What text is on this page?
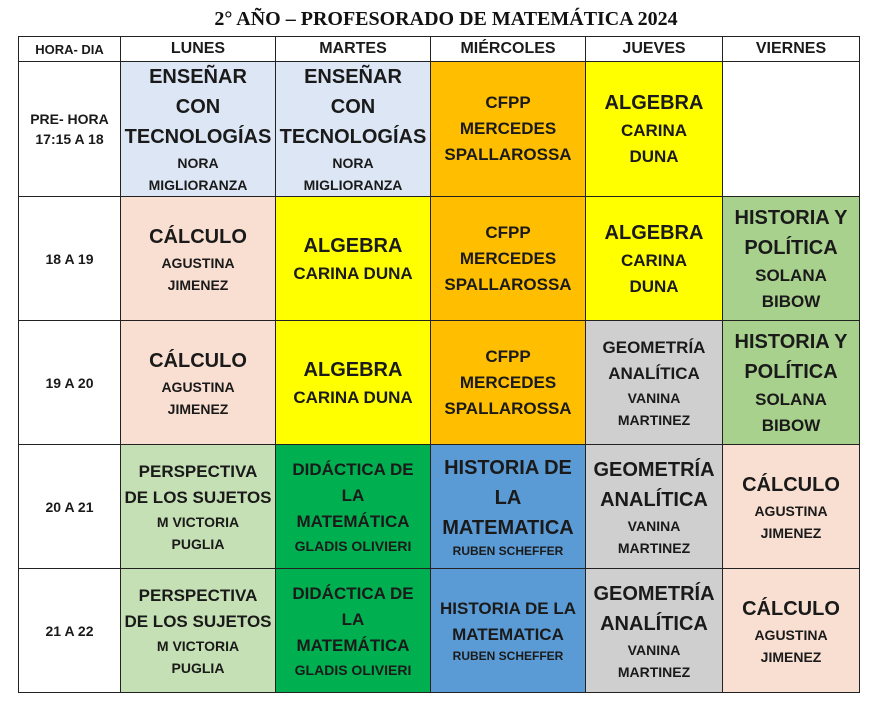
2° AÑO – PROFESORADO DE MATEMÁTICA 2024
HORA- DIA	LUNES	MARTES	MIÉRCOLES	JUEVES	VIERNES

PRE- HORA
17:15 A 18	ENSEÑAR
CON
TECNOLOGÍAS
NORA
MIGLIORANZA	ENSEÑAR
CON
TECNOLOGÍAS
NORA
MIGLIORANZA	CFPP
MERCEDES
SPALLAROSSA	ALGEBRA
CARINA
DUNA	

18 A 19	CÁLCULO
AGUSTINA
JIMENEZ	ALGEBRA
CARINA DUNA	CFPP
MERCEDES
SPALLAROSSA	ALGEBRA
CARINA
DUNA	HISTORIA Y
POLÍTICA
SOLANA
BIBOW

19 A 20	CÁLCULO
AGUSTINA
JIMENEZ	ALGEBRA
CARINA DUNA	CFPP
MERCEDES
SPALLAROSSA	GEOMETRÍA
ANALÍTICA
VANINA
MARTINEZ	HISTORIA Y
POLÍTICA
SOLANA
BIBOW

20 A 21	PERSPECTIVA
DE LOS SUJETOS
M VICTORIA
PUGLIA	DIDÁCTICA DE
LA
MATEMÁTICA
GLADIS OLIVIERI	HISTORIA DE
LA
MATEMATICA
RUBEN SCHEFFER	GEOMETRÍA
ANALÍTICA
VANINA
MARTINEZ	CÁLCULO
AGUSTINA
JIMENEZ

21 A 22	PERSPECTIVA
DE LOS SUJETOS
M VICTORIA
PUGLIA	DIDÁCTICA DE
LA
MATEMÁTICA
GLADIS OLIVIERI	HISTORIA DE LA
MATEMATICA
RUBEN SCHEFFER	GEOMETRÍA
ANALÍTICA
VANINA
MARTINEZ	CÁLCULO
AGUSTINA
JIMENEZ
